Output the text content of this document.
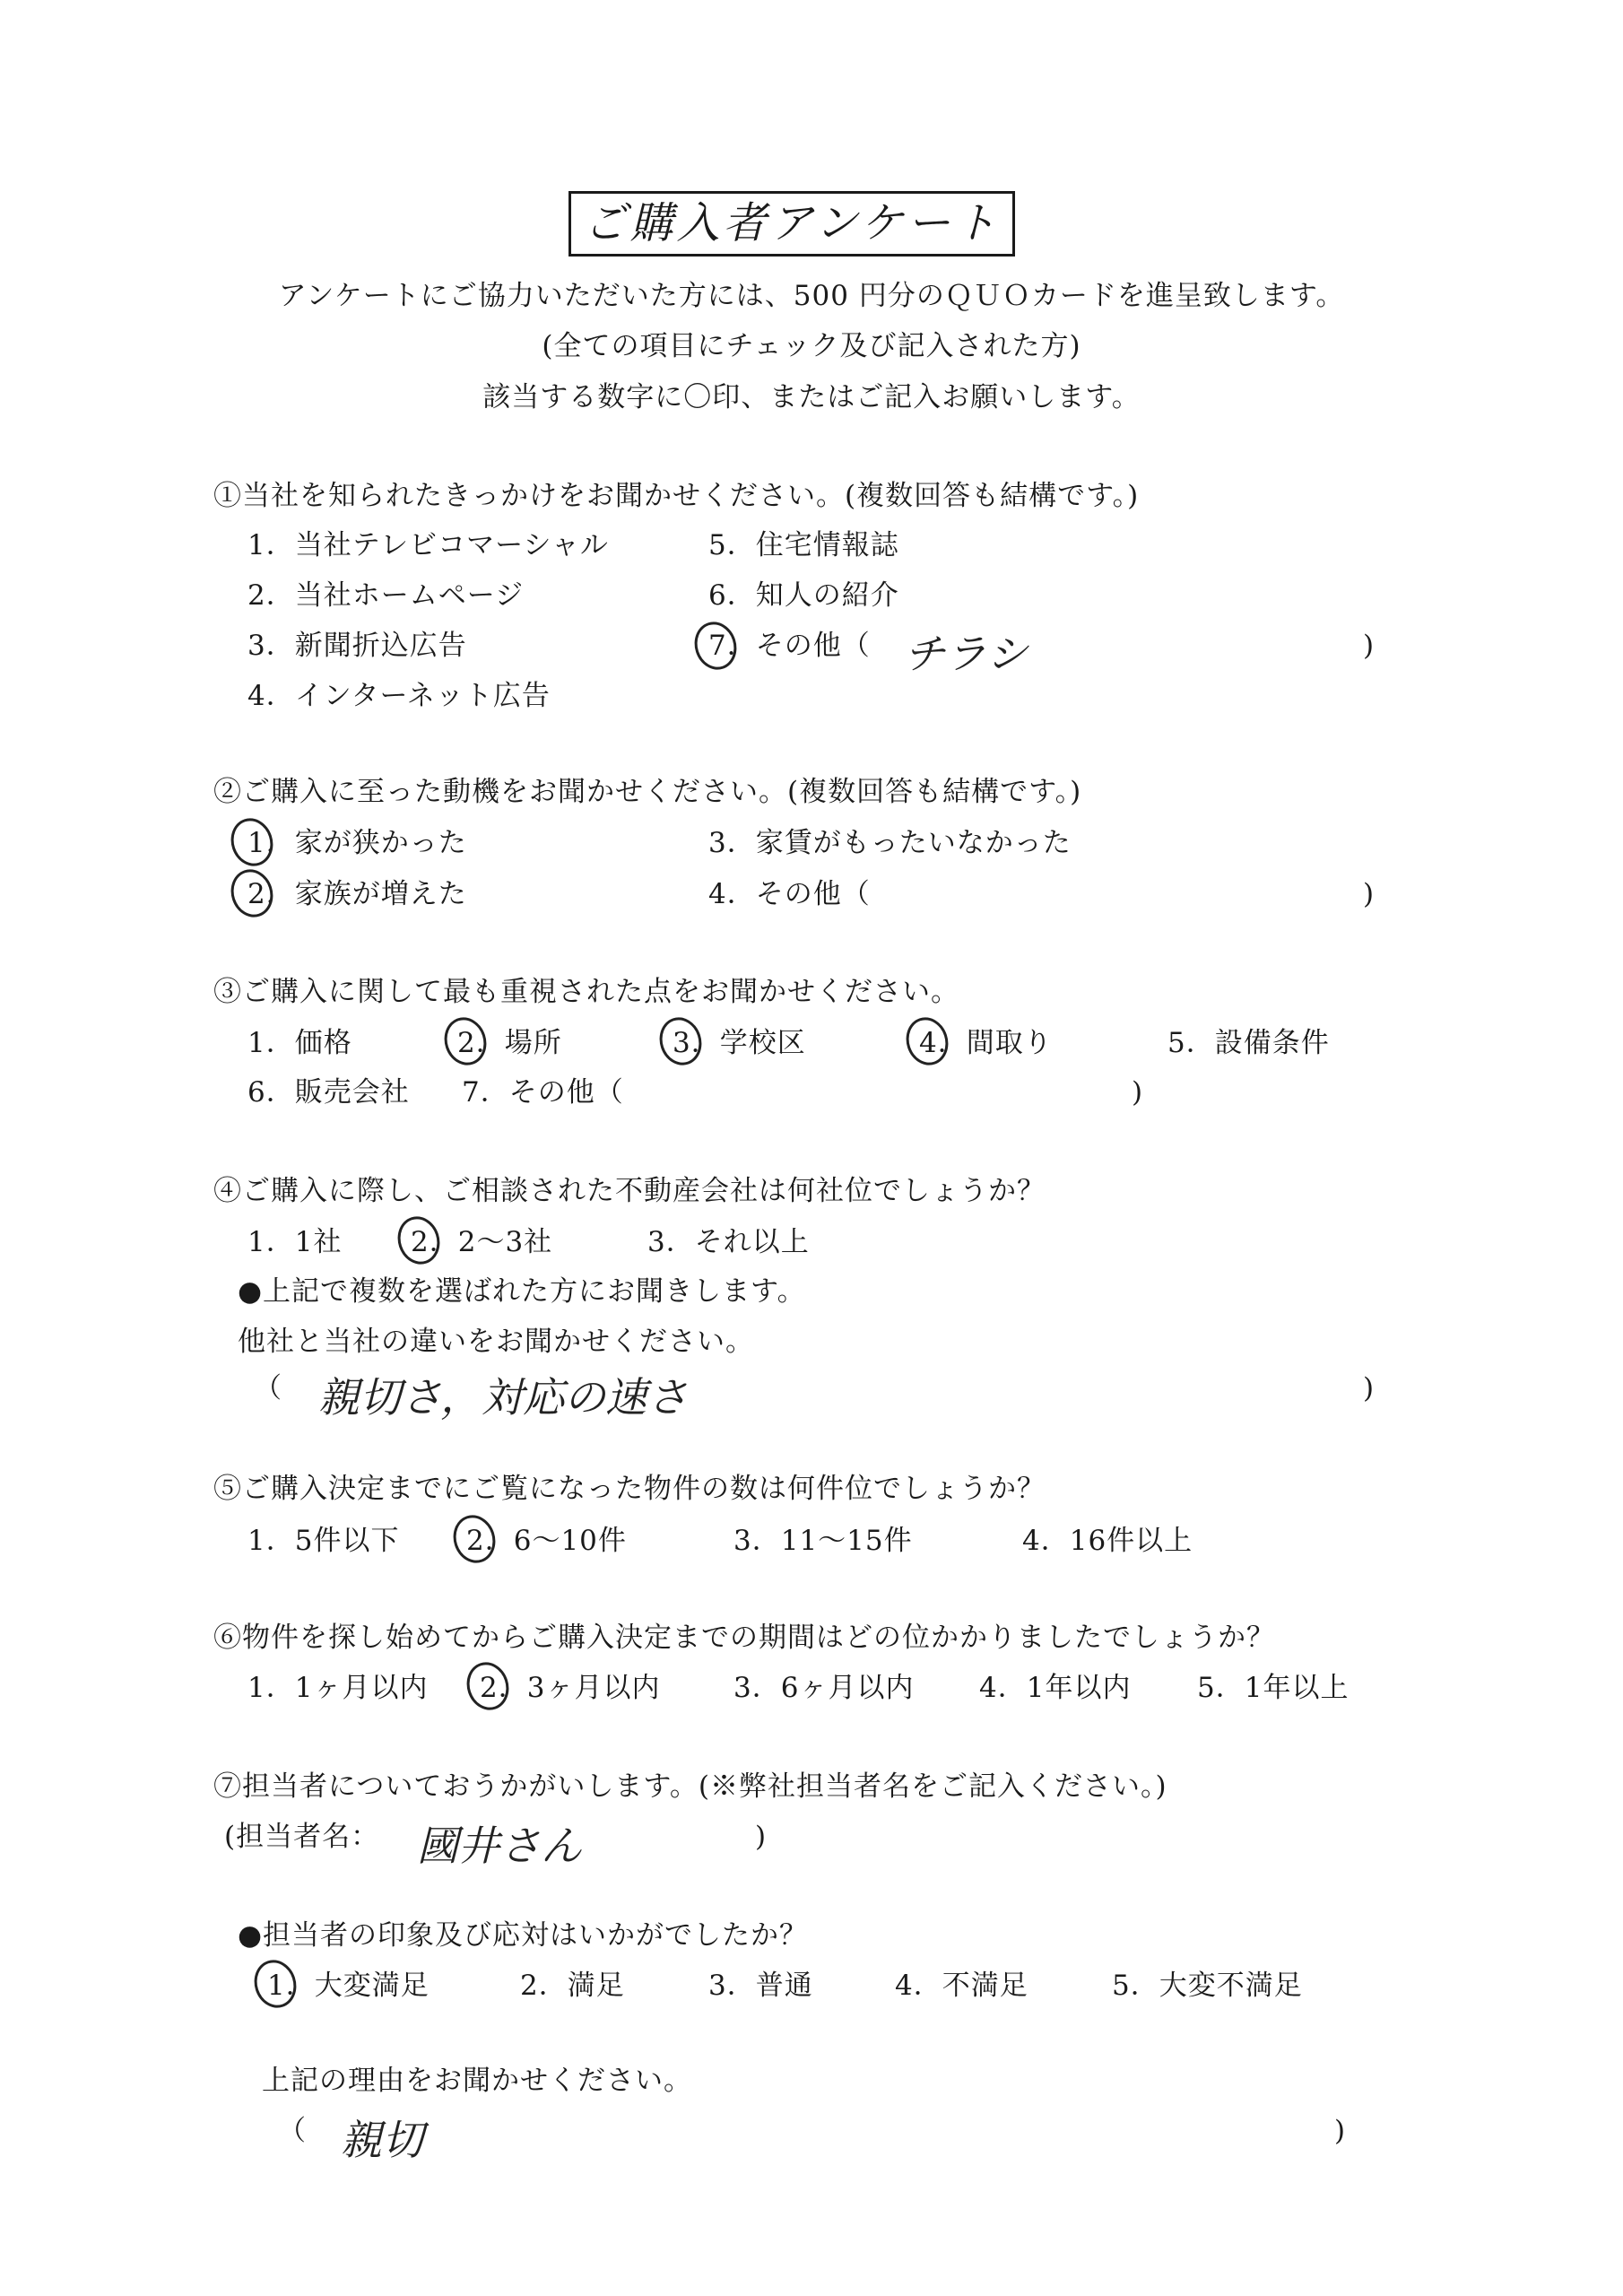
ご購入者アンケート
アンケートにご協力いただいた方には、500 円分のＱＵＯカードを進呈致します。
(全ての項目にチェック及び記入された方)
該当する数字に〇印、またはご記入お願いします。
①当社を知られたきっかけをお聞かせください。(複数回答も結構です。)
1．当社テレビコマーシャル
2．当社ホームページ
3．新聞折込広告
4．インターネット広告
5．住宅情報誌
6．知人の紹介
7．その他（ チラシ	)
②ご購入に至った動機をお聞かせください。(複数回答も結構です。)
1．家が狭かった
2．家族が増えた
3．家賃がもったいなかった
4．その他（	)
③ご購入に関して最も重視された点をお聞かせください。
1．価格	2．場所	3．学校区	4．間取り	5．設備条件
6．販売会社 7．その他（	)
④ご購入に際し、ご相談された不動産会社は何社位でしょうか？
1．1社 2．2～3社	3．それ以上
●上記で複数を選ばれた方にお聞きします。
他社と当社の違いをお聞かせください。
（ 親切さ，対応の速さ	)
⑤ご購入決定までにご覧になった物件の数は何件位でしょうか？
1．5件以下 2．6～10件	3．11～15件	4．16件以上
⑥物件を探し始めてからご購入決定までの期間はどの位かかりましたでしょうか？
1．1ヶ月以内 2．3ヶ月以内	3．6ヶ月以内 4．1年以内 5．1年以上
⑦担当者についておうかがいします。(※弊社担当者名をご記入ください。)
(担当者名： 國井さん	)
●担当者の印象及び応対はいかがでしたか？
1．大変満足	2．満足	3．普通	4．不満足	5．大変不満足
上記の理由をお聞かせください。
（ 親切	)
